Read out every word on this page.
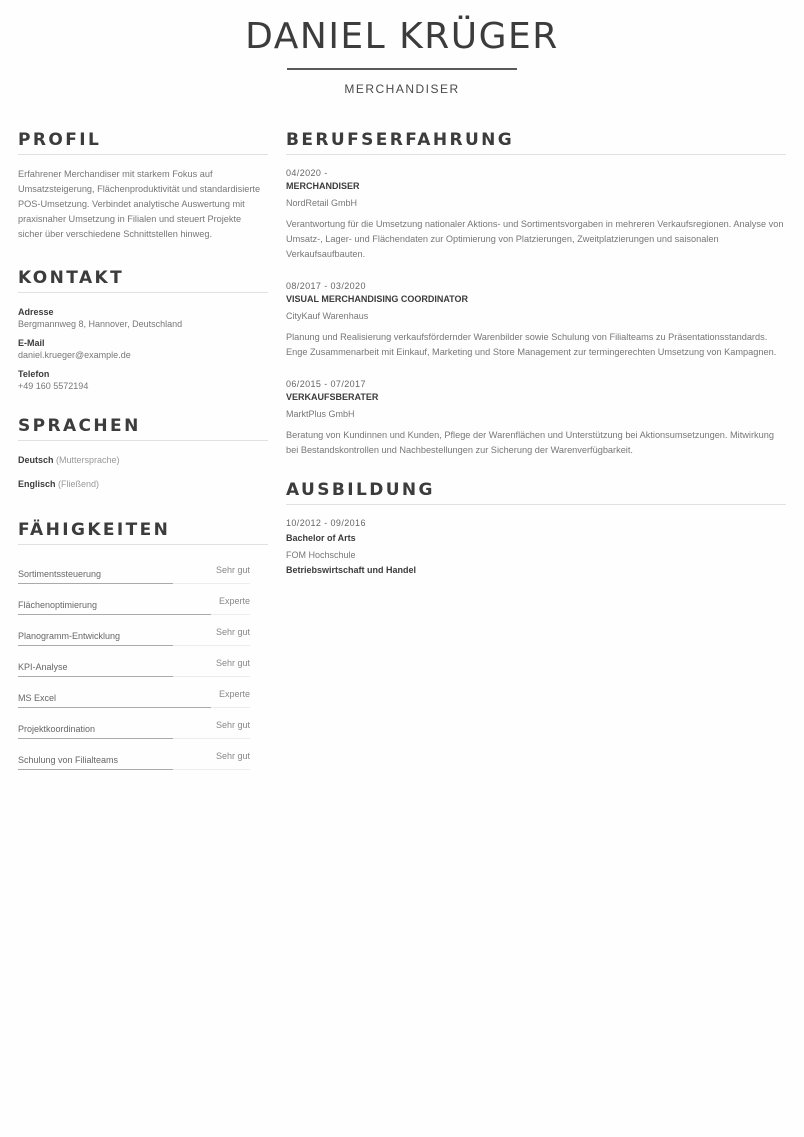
DANIEL KRÜGER
MERCHANDISER
PROFIL
Erfahrener Merchandiser mit starkem Fokus auf Umsatzsteigerung, Flächenproduktivität und standardisierte POS-Umsetzung. Verbindet analytische Auswertung mit praxisnaher Umsetzung in Filialen und steuert Projekte sicher über verschiedene Schnittstellen hinweg.
KONTAKT
Adresse
Bergmannweg 8, Hannover, Deutschland
E-Mail
daniel.krueger@example.de
Telefon
+49 160 5572194
SPRACHEN
Deutsch (Muttersprache)
Englisch (Fließend)
FÄHIGKEITEN
Sortimentssteuerung	Sehr gut
Flächenoptimierung	Experte
Planogramm-Entwicklung	Sehr gut
KPI-Analyse	Sehr gut
MS Excel	Experte
Projektkoordination	Sehr gut
Schulung von Filialteams	Sehr gut
BERUFSERFAHRUNG
04/2020 -
MERCHANDISER
NordRetail GmbH
Verantwortung für die Umsetzung nationaler Aktions- und Sortimentsvorgaben in mehreren Verkaufsregionen. Analyse von Umsatz-, Lager- und Flächendaten zur Optimierung von Platzierungen, Zweitplatzierungen und saisonalen Verkaufsaufbauten.
08/2017 - 03/2020
VISUAL MERCHANDISING COORDINATOR
CityKauf Warenhaus
Planung und Realisierung verkaufsfördernder Warenbilder sowie Schulung von Filialteams zu Präsentationsstandards. Enge Zusammenarbeit mit Einkauf, Marketing und Store Management zur termingerechten Umsetzung von Kampagnen.
06/2015 - 07/2017
VERKAUFSBERATER
MarktPlus GmbH
Beratung von Kundinnen und Kunden, Pflege der Warenflächen und Unterstützung bei Aktionsumsetzungen. Mitwirkung bei Bestandskontrollen und Nachbestellungen zur Sicherung der Warenverfügbarkeit.
AUSBILDUNG
10/2012 - 09/2016
Bachelor of Arts
FOM Hochschule
Betriebswirtschaft und Handel
